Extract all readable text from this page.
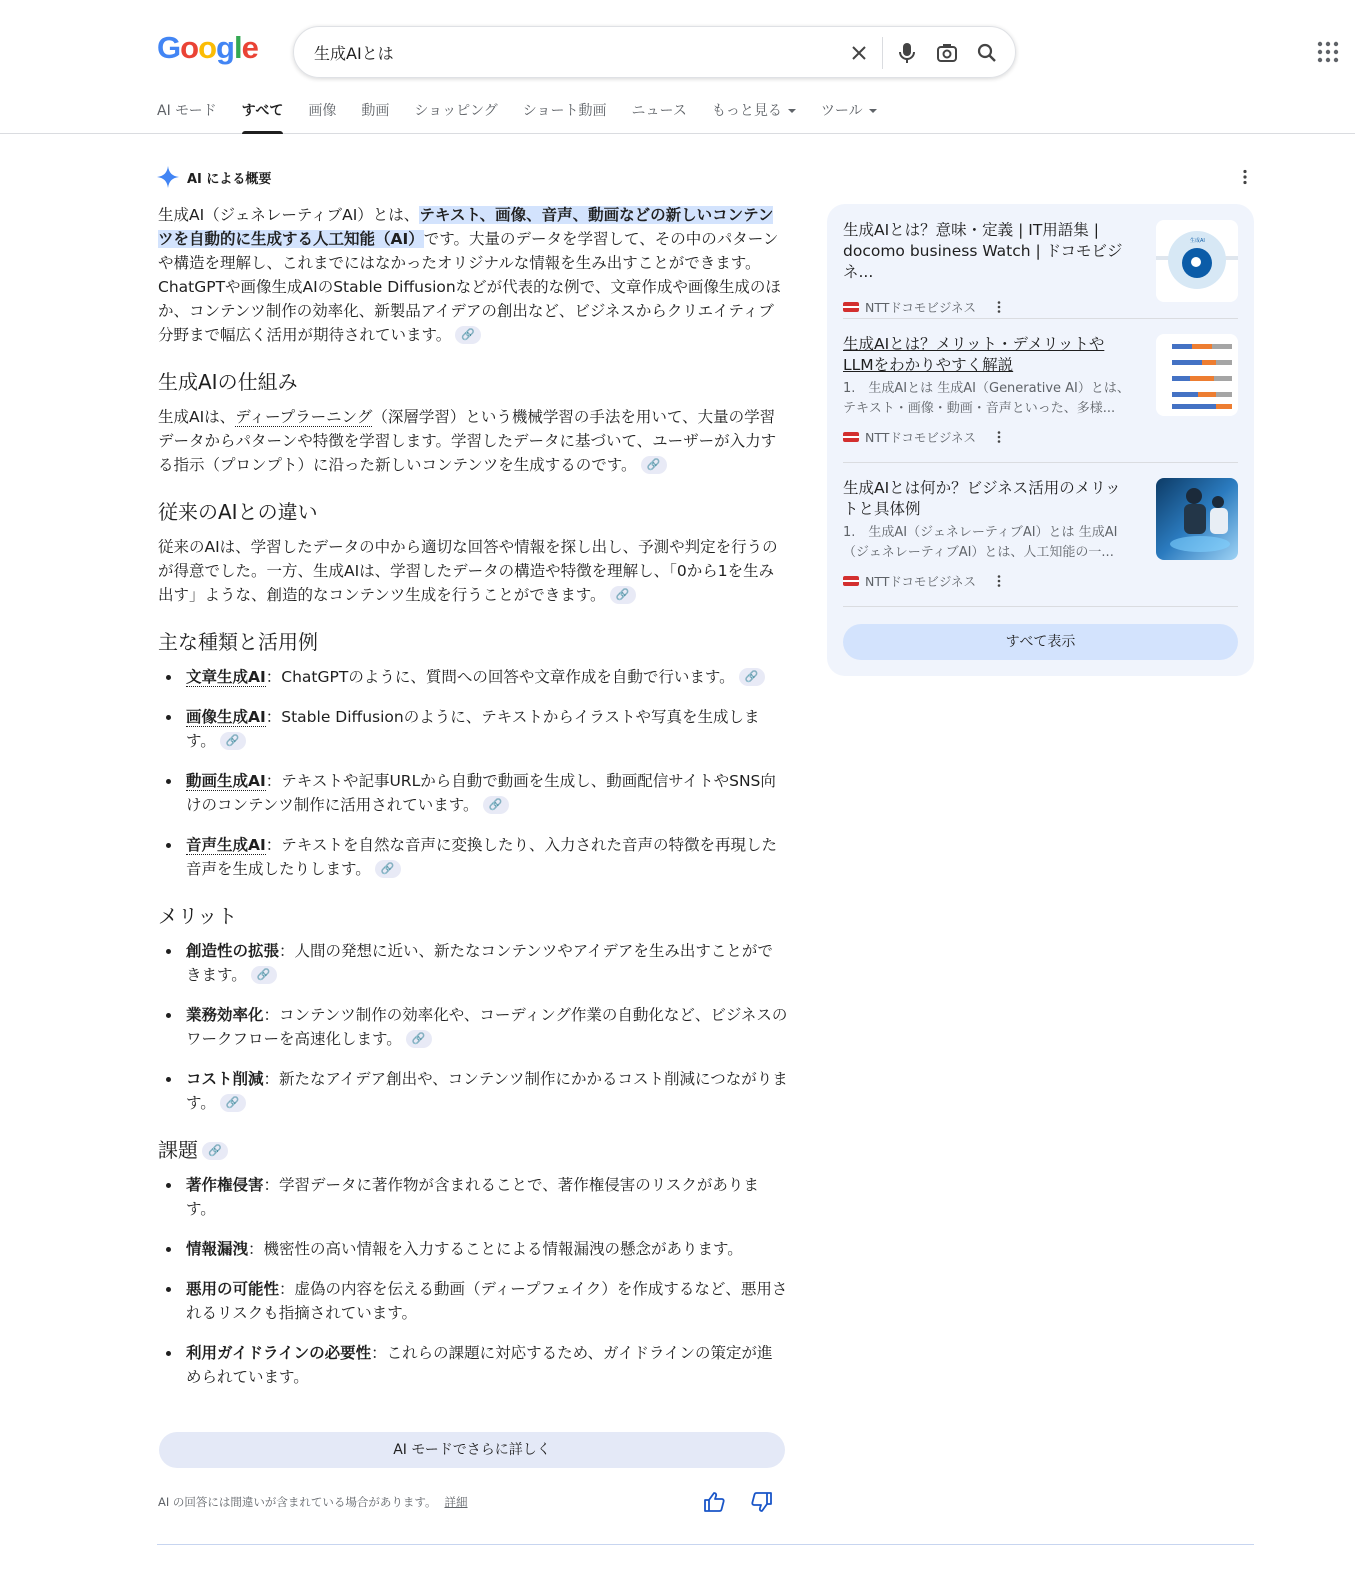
Google	生成AIとは
AI モード すべて 画像 動画 ショッピング ショート動画 ニュース もっと見る	ツール
AI による概要

生成AI（ジェネレーティブAI）とは、テキスト、画像、音声、動画などの新しいコンテンツを自動的に生成する人工知能（AI）です。大量のデータを学習して、その中のパターンや構造を理解し、これまでにはなかったオリジナルな情報を生み出すことができます。ChatGPTや画像生成AIのStable Diffusionなどが代表的な例で、文章作成や画像生成のほか、コンテンツ制作の効率化、新製品アイデアの創出など、ビジネスからクリエイティブ分野まで幅広く活用が期待されています。 🔗

生成AIの仕組み

生成AIは、ディープラーニング（深層学習）という機械学習の手法を用いて、大量の学習データからパターンや特徴を学習します。学習したデータに基づいて、ユーザーが入力する指示（プロンプト）に沿った新しいコンテンツを生成するのです。 🔗

従来のAIとの違い

従来のAIは、学習したデータの中から適切な回答や情報を探し出し、予測や判定を行うのが得意でした。一方、生成AIは、学習したデータの構造や特徴を理解し、「0から1を生み出す」ような、創造的なコンテンツ生成を行うことができます。 🔗

主な種類と活用例
文章生成AI：ChatGPTのように、質問への回答や文章作成を自動で行います。 🔗
画像生成AI：Stable Diffusionのように、テキストからイラストや写真を生成します。 🔗
動画生成AI：テキストや記事URLから自動で動画を生成し、動画配信サイトやSNS向けのコンテンツ制作に活用されています。 🔗
音声生成AI：テキストを自然な音声に変換したり、入力された音声の特徴を再現した音声を生成したりします。 🔗
メリット
創造性の拡張：人間の発想に近い、新たなコンテンツやアイデアを生み出すことができます。 🔗
業務効率化：コンテンツ制作の効率化や、コーディング作業の自動化など、ビジネスのワークフローを高速化します。 🔗
コスト削減：新たなアイデア創出や、コンテンツ制作にかかるコスト削減につながります。 🔗
課題 🔗
著作権侵害：学習データに著作物が含まれることで、著作権侵害のリスクがあります。
情報漏洩：機密性の高い情報を入力することによる情報漏洩の懸念があります。
悪用の可能性：虚偽の内容を伝える動画（ディープフェイク）を作成するなど、悪用されるリスクも指摘されています。
利用ガイドラインの必要性：これらの課題に対応するため、ガイドラインの策定が進められています。
AI モードでさらに詳しく
AI の回答には間違いが含まれている場合があります。 詳細
生成AIとは？意味・定義 | IT用語集 | docomo business Watch | ドコモビジネ...
NTTドコモビジネス
生成AI
生成AIとは？メリット・デメリットやLLMをわかりやすく解説
1.　生成AIとは 生成AI（Generative AI）とは、テキスト・画像・動画・音声といった、多様...
NTTドコモビジネス
生成AIとは何か？ビジネス活用のメリットと具体例
1.　生成AI（ジェネレーティブAI）とは 生成AI（ジェネレーティブAI）とは、人工知能の一...
NTTドコモビジネス
すべて表示
